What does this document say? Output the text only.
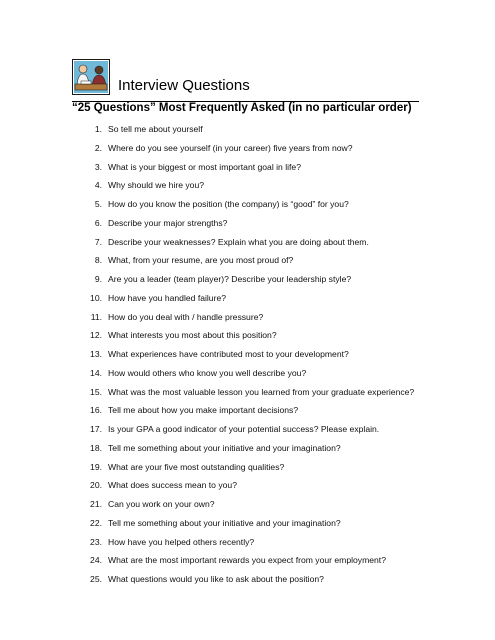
Interview Questions
“25 Questions” Most Frequently Asked (in no particular order)
1. So tell me about yourself
2. Where do you see yourself (in your career) five years from now?
3. What is your biggest or most important goal in life?
4. Why should we hire you?
5. How do you know the position (the company) is “good” for you?
6. Describe your major strengths?
7. Describe your weaknesses? Explain what you are doing about them.
8. What, from your resume, are you most proud of?
9. Are you a leader (team player)? Describe your leadership style?
10. How have you handled failure?
11. How do you deal with / handle pressure?
12. What interests you most about this position?
13. What experiences have contributed most to your development?
14. How would others who know you well describe you?
15. What was the most valuable lesson you learned from your graduate experience?
16. Tell me about how you make important decisions?
17. Is your GPA a good indicator of your potential success? Please explain.
18. Tell me something about your initiative and your imagination?
19. What are your five most outstanding qualities?
20. What does success mean to you?
21. Can you work on your own?
22. Tell me something about your initiative and your imagination?
23. How have you helped others recently?
24. What are the most important rewards you expect from your employment?
25. What questions would you like to ask about the position?
